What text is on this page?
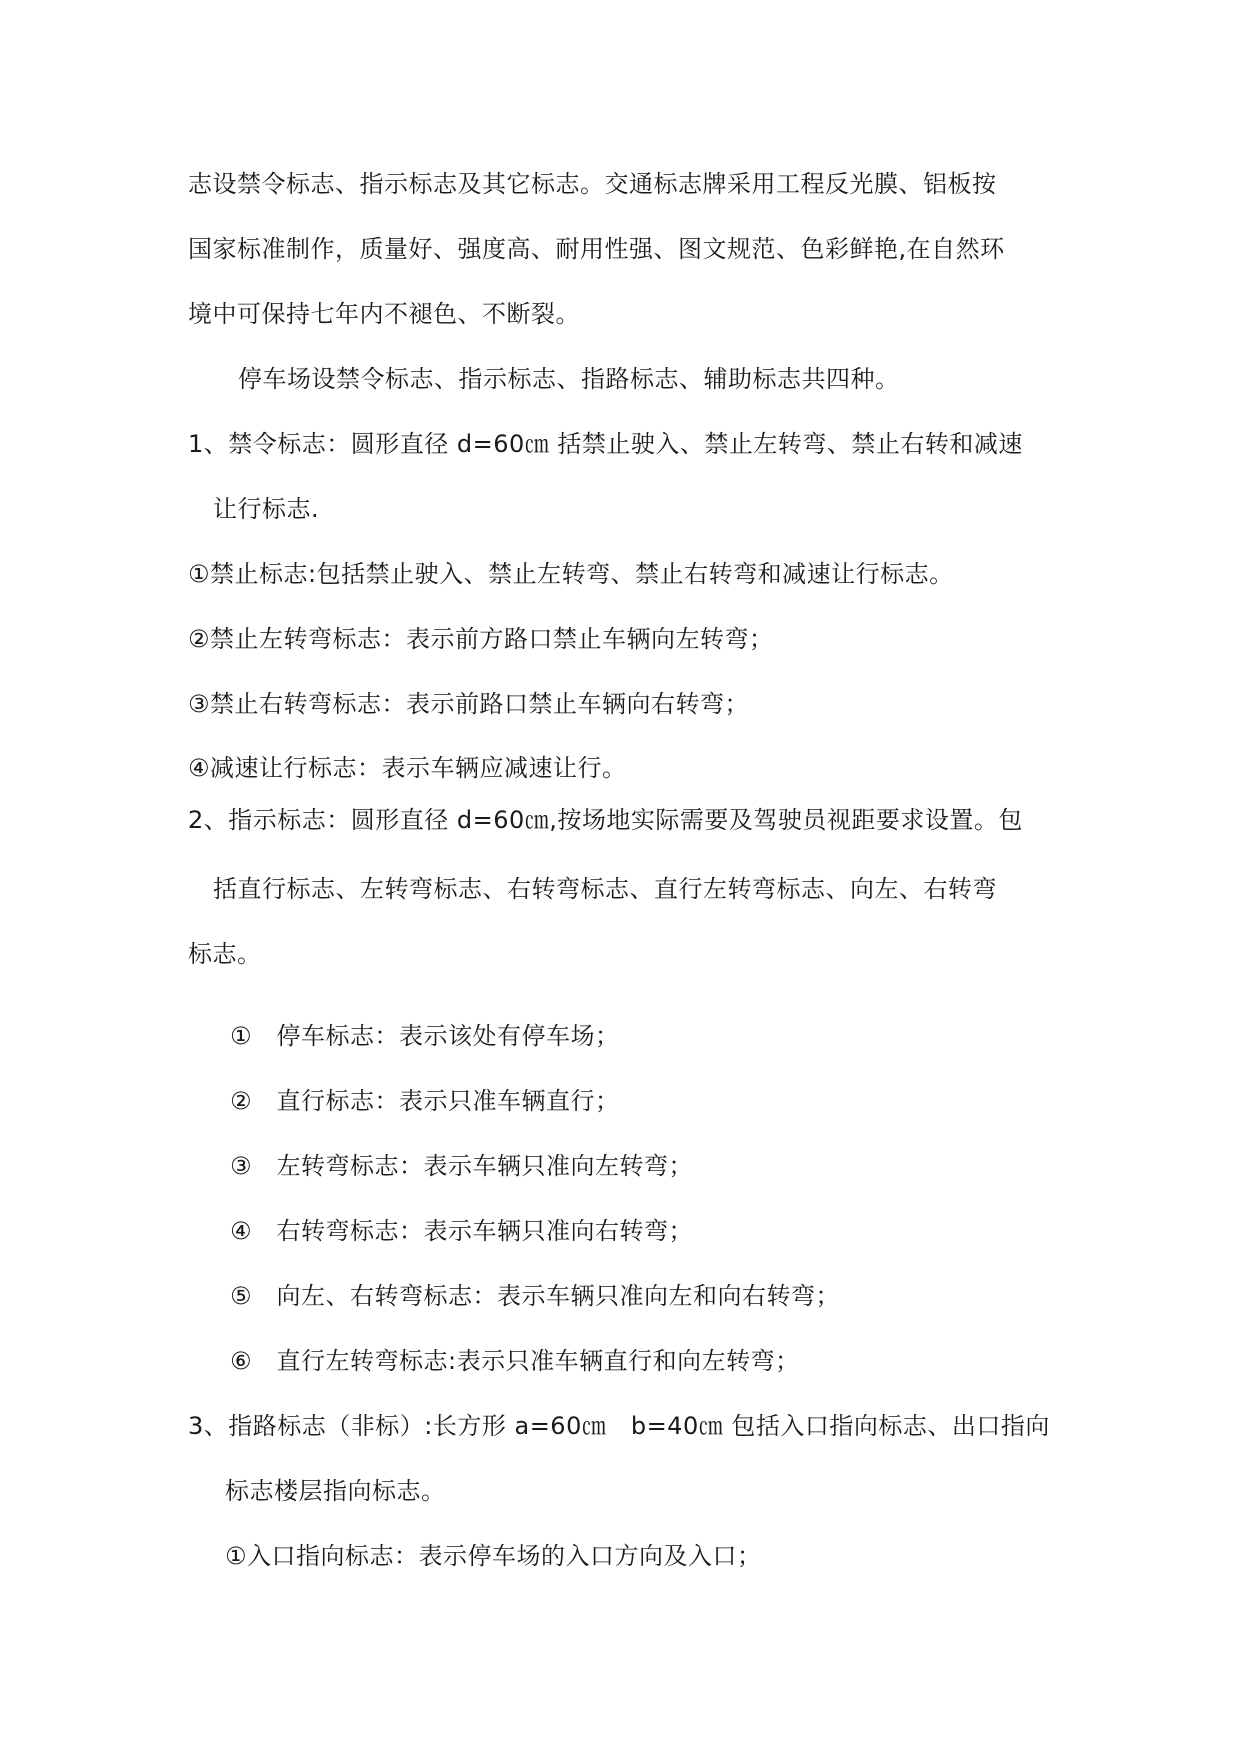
志设禁令标志、指示标志及其它标志。交通标志牌采用工程反光膜、铝板按
国家标准制作，质量好、强度高、耐用性强、图文规范、色彩鲜艳,在自然环
境中可保持七年内不褪色、不断裂。
停车场设禁令标志、指示标志、指路标志、辅助标志共四种。
1、禁令标志：圆形直径 d=60㎝ 括禁止驶入、禁止左转弯、禁止右转和减速
让行标志.
①禁止标志:包括禁止驶入、禁止左转弯、禁止右转弯和减速让行标志。
②禁止左转弯标志：表示前方路口禁止车辆向左转弯；
③禁止右转弯标志：表示前路口禁止车辆向右转弯；
④减速让行标志：表示车辆应减速让行。
2、指示标志：圆形直径 d=60㎝,按场地实际需要及驾驶员视距要求设置。包
括直行标志、左转弯标志、右转弯标志、直行左转弯标志、向左、右转弯
标志。
①　停车标志：表示该处有停车场；
②　直行标志：表示只准车辆直行；
③　左转弯标志：表示车辆只准向左转弯；
④　右转弯标志：表示车辆只准向右转弯；
⑤　向左、右转弯标志：表示车辆只准向左和向右转弯；
⑥　直行左转弯标志:表示只准车辆直行和向左转弯；
3、指路标志（非标）:长方形 a=60㎝　b=40㎝ 包括入口指向标志、出口指向
标志楼层指向标志。
①入口指向标志：表示停车场的入口方向及入口；
